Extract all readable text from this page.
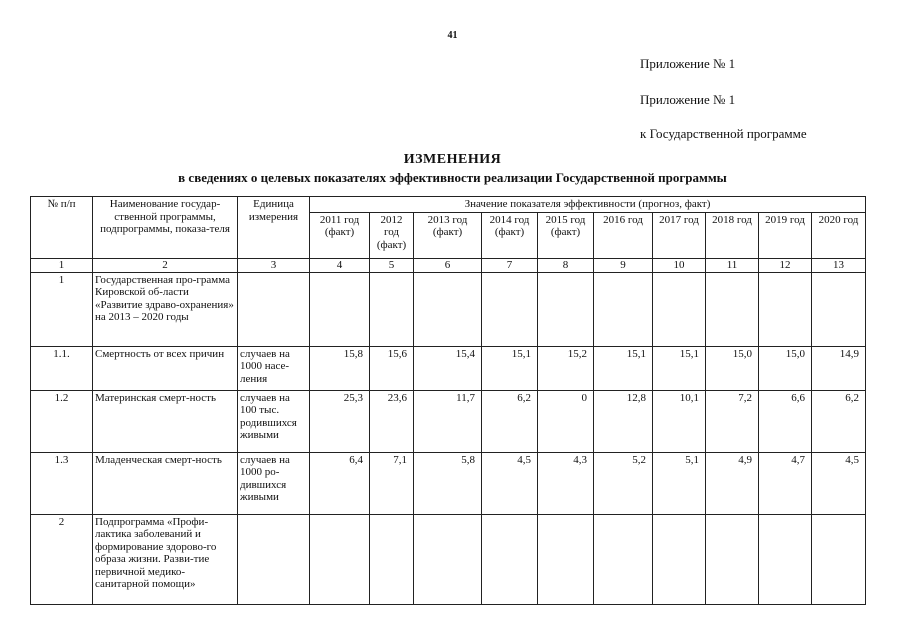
41
Приложение № 1
Приложение № 1
к Государственной программе
ИЗМЕНЕНИЯ
в сведениях о целевых показателях эффективности реализации Государственной программы
№ п/п	Наименование государ-ственной программы, подпрограммы, показа-теля	Единица измерения	Значение показателя эффективности (прогноз, факт)									
			2011 год (факт)	2012 год (факт)	2013 год (факт)	2014 год (факт)	2015 год (факт)	2016 год	2017 год	2018 год	2019 год	2020 год
1	2	3	4	5	6	7	8	9	10	11	12	13
1	Государственная про-грамма Кировской об-ласти «Развитие здраво-охранения» на 2013 – 2020 годы											
1.1.	Смертность от всех причин	случаев на 1000 насе-ления	15,8	15,6	15,4	15,1	15,2	15,1	15,1	15,0	15,0	14,9
1.2	Материнская смерт-ность	случаев на 100 тыс. родившихся живыми	25,3	23,6	11,7	6,2	0	12,8	10,1	7,2	6,6	6,2
1.3	Младенческая смерт-ность	случаев на 1000 ро-дившихся живыми	6,4	7,1	5,8	4,5	4,3	5,2	5,1	4,9	4,7	4,5
2	Подпрограмма «Профи-лактика заболеваний и формирование здорово-го образа жизни. Разви-тие первичной медико-санитарной помощи»											
